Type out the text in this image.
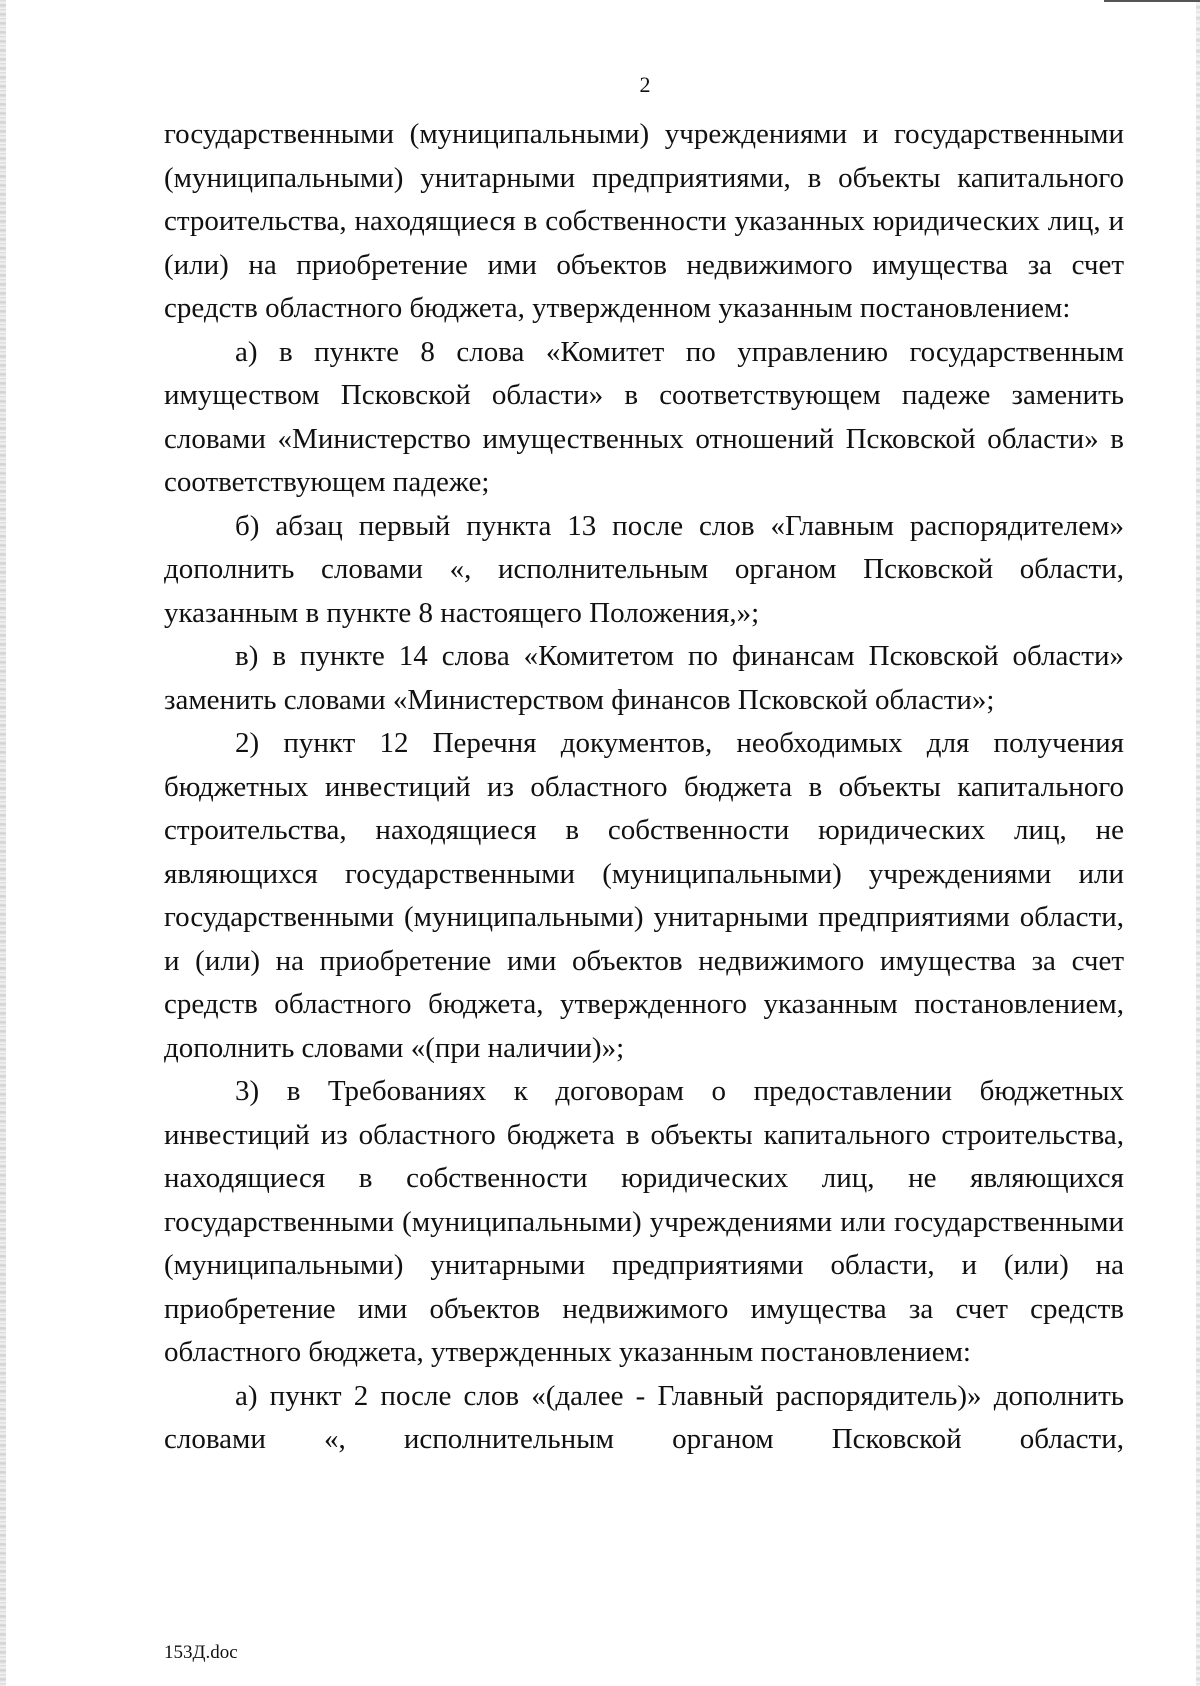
2

государственными (муниципальными) учреждениями и государственными (муниципальными) унитарными предприятиями, в объекты капитального строительства, находящиеся в собственности указанных юридических лиц, и (или) на приобретение ими объектов недвижимого имущества за счет средств областного бюджета, утвержденном указанным постановлением:

а) в пункте 8 слова «Комитет по управлению государственным имуществом Псковской области» в соответствующем падеже заменить словами «Министерство имущественных отношений Псковской области» в соответствующем падеже;

б) абзац первый пункта 13 после слов «Главным распорядителем» дополнить словами «, исполнительным органом Псковской области, указанным в пункте 8 настоящего Положения,»;

в) в пункте 14 слова «Комитетом по финансам Псковской области» заменить словами «Министерством финансов Псковской области»;

2) пункт 12 Перечня документов, необходимых для получения бюджетных инвестиций из областного бюджета в объекты капитального строительства, находящиеся в собственности юридических лиц, не являющихся государственными (муниципальными) учреждениями или государственными (муниципальными) унитарными предприятиями области, и (или) на приобретение ими объектов недвижимого имущества за счет средств областного бюджета, утвержденного указанным постановлением, дополнить словами «(при наличии)»;

3) в Требованиях к договорам о предоставлении бюджетных инвестиций из областного бюджета в объекты капитального строительства, находящиеся в собственности юридических лиц, не являющихся государственными (муниципальными) учреждениями или государственными (муниципальными) унитарными предприятиями области, и (или) на приобретение ими объектов недвижимого имущества за счет средств областного бюджета, утвержденных указанным постановлением:

а) пункт 2 после слов «(далее - Главный распорядитель)» дополнить словами «, исполнительным органом Псковской области,

153Д.doc
